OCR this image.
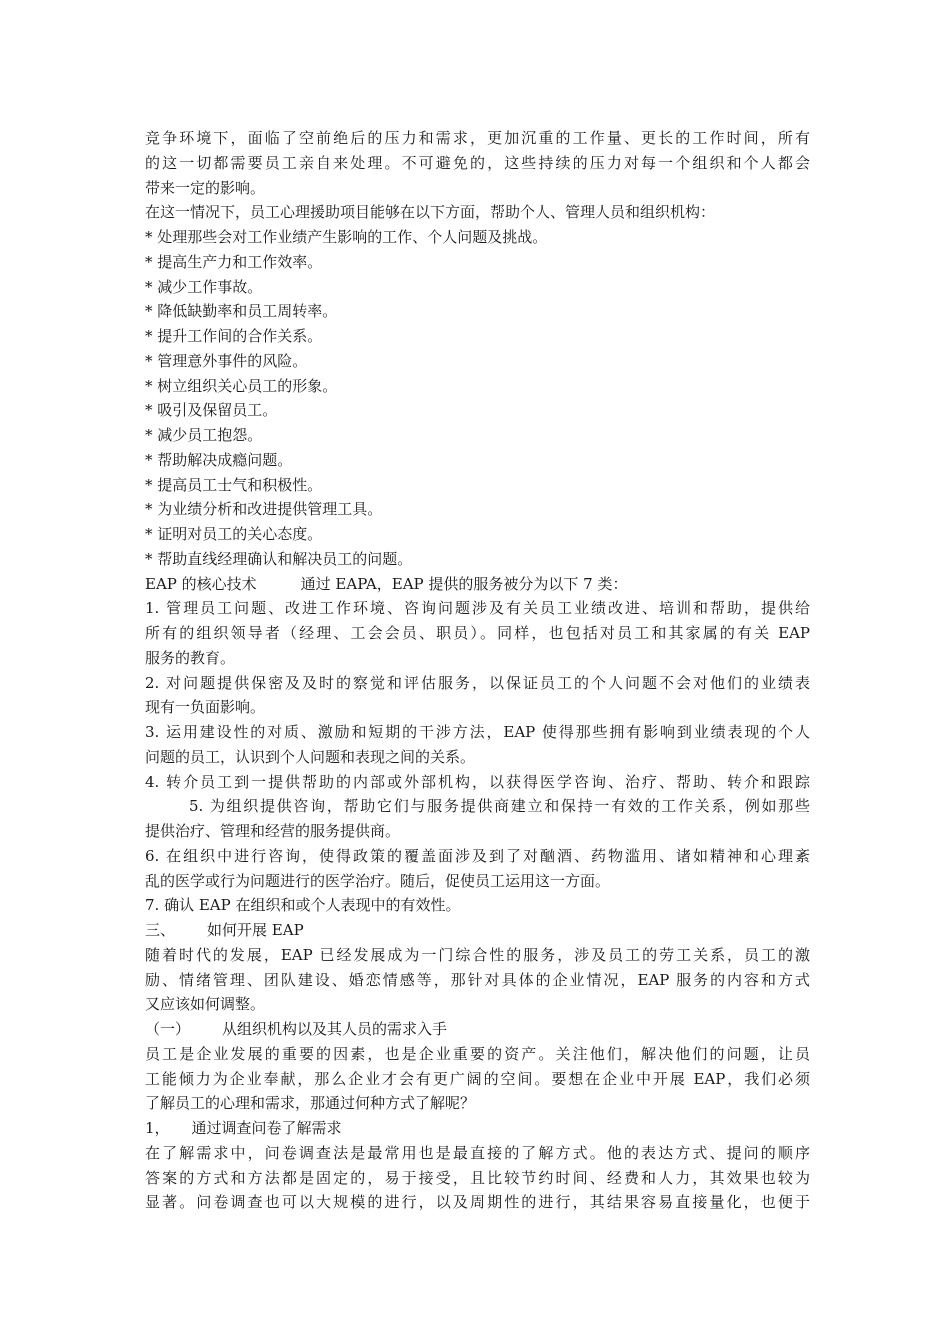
竞争环境下，面临了空前绝后的压力和需求，更加沉重的工作量、更长的工作时间，所有
的这一切都需要员工亲自来处理。不可避免的，这些持续的压力对每一个组织和个人都会
带来一定的影响。
在这一情况下，员工心理援助项目能够在以下方面，帮助个人、管理人员和组织机构：
* 处理那些会对工作业绩产生影响的工作、个人问题及挑战。
* 提高生产力和工作效率。
* 减少工作事故。
* 降低缺勤率和员工周转率。
* 提升工作间的合作关系。
* 管理意外事件的风险。
* 树立组织关心员工的形象。
* 吸引及保留员工。
* 减少员工抱怨。
* 帮助解决成瘾问题。
* 提高员工士气和积极性。
* 为业绩分析和改进提供管理工具。
* 证明对员工的关心态度。
* 帮助直线经理确认和解决员工的问题。
EAP 的核心技术	通过 EAPA，EAP 提供的服务被分为以下 7 类：
1. 管理员工问题、改进工作环境、咨询问题涉及有关员工业绩改进、培训和帮助，提供给
所有的组织领导者（经理、工会会员、职员）。同样，也包括对员工和其家属的有关 EAP
服务的教育。
2. 对问题提供保密及及时的察觉和评估服务，以保证员工的个人问题不会对他们的业绩表
现有一负面影响。
3. 运用建设性的对质、激励和短期的干涉方法，EAP 使得那些拥有影响到业绩表现的个人
问题的员工，认识到个人问题和表现之间的关系。
4. 转介员工到一提供帮助的内部或外部机构，以获得医学咨询、治疗、帮助、转介和跟踪
5. 为组织提供咨询，帮助它们与服务提供商建立和保持一有效的工作关系，例如那些
提供治疗、管理和经营的服务提供商。
6. 在组织中进行咨询，使得政策的覆盖面涉及到了对酗酒、药物滥用、诸如精神和心理紊
乱的医学或行为问题进行的医学治疗。随后，促使员工运用这一方面。
7. 确认 EAP 在组织和或个人表现中的有效性。
三、 如何开展 EAP
随着时代的发展，EAP 已经发展成为一门综合性的服务，涉及员工的劳工关系，员工的激
励、情绪管理、团队建设、婚恋情感等，那针对具体的企业情况，EAP 服务的内容和方式
又应该如何调整。
（一） 从组织机构以及其人员的需求入手
员工是企业发展的重要的因素，也是企业重要的资产。关注他们，解决他们的问题，让员
工能倾力为企业奉献，那么企业才会有更广阔的空间。要想在企业中开展 EAP，我们必须
了解员工的心理和需求，那通过何种方式了解呢？
1， 通过调查问卷了解需求
在了解需求中，问卷调查法是最常用也是最直接的了解方式。他的表达方式、提问的顺序
答案的方式和方法都是固定的，易于接受，且比较节约时间、经费和人力，其效果也较为
显著。问卷调查也可以大规模的进行，以及周期性的进行，其结果容易直接量化，也便于
